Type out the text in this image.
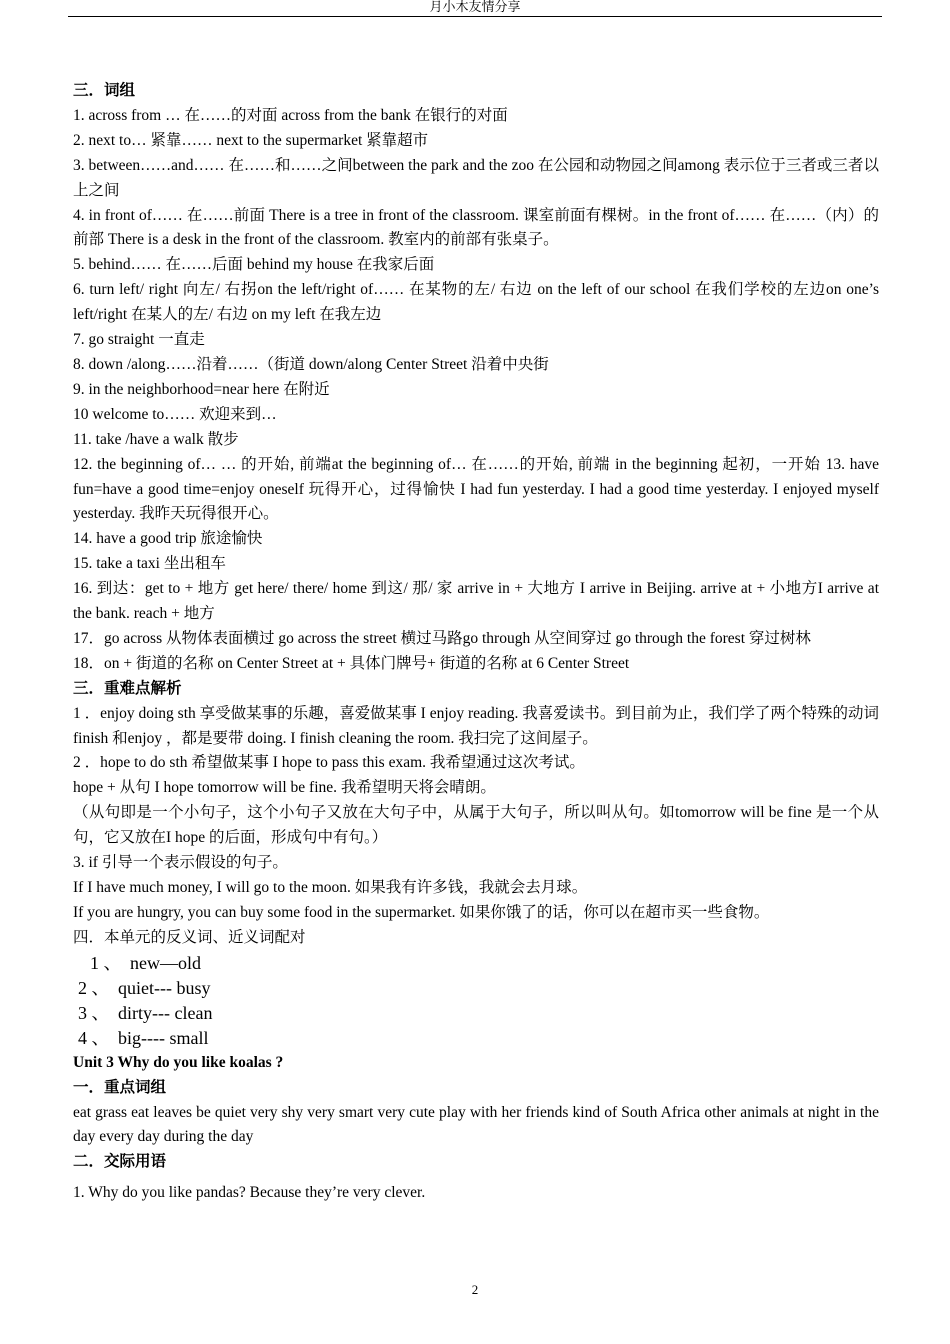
月小木友情分享

三．词组

1. across from … 在……的对面 across from the bank 在银行的对面

2. next to… 紧靠…… next to the supermarket 紧靠超市

3. between……and…… 在……和……之间between the park and the zoo 在公园和动物园之间among 表示位于三者或三者以上之间

4. in front of…… 在……前面 There is a tree in front of the classroom. 课室前面有棵树。in the front of…… 在……（内）的前部 There is a desk in the front of the classroom. 教室内的前部有张桌子。

5. behind…… 在……后面 behind my house 在我家后面

6. turn left/ right 向左/ 右拐on the left/right of…… 在某物的左/ 右边 on the left of our school 在我们学校的左边on one’s left/right 在某人的左/ 右边 on my left 在我左边

7. go straight 一直走

8. down /along……沿着……（街道 down/along Center Street 沿着中央街

9. in the neighborhood=near here 在附近

10 welcome to…… 欢迎来到…

11. take /have a walk 散步

12. the beginning of… … 的开始, 前端at the beginning of… 在……的开始, 前端 in the beginning 起初，一开始 13. have fun=have a good time=enjoy oneself 玩得开心，过得愉快 I had fun yesterday. I had a good time yesterday. I enjoyed myself yesterday. 我昨天玩得很开心。

14. have a good trip 旅途愉快

15. take a taxi 坐出租车

16. 到达：get to + 地方 get here/ there/ home 到这/ 那/ 家 arrive in + 大地方 I arrive in Beijing. arrive at + 小地方I arrive at the bank. reach + 地方

17．go across 从物体表面横过 go across the street 横过马路go through 从空间穿过 go through the forest 穿过树林

18．on + 街道的名称 on Center Street at + 具体门牌号+ 街道的名称 at 6 Center Street

三．重难点解析

1 ．enjoy doing sth 享受做某事的乐趣，喜爱做某事 I enjoy reading. 我喜爱读书。到目前为止，我们学了两个特殊的动词finish 和enjoy ，都是要带 doing. I finish cleaning the room. 我扫完了这间屋子。

2 ．hope to do sth 希望做某事 I hope to pass this exam. 我希望通过这次考试。

hope + 从句 I hope tomorrow will be fine. 我希望明天将会晴朗。

（从句即是一个小句子，这个小句子又放在大句子中，从属于大句子，所以叫从句。如tomorrow will be fine 是一个从句，它又放在I hope 的后面，形成句中有句。）

3. if 引导一个表示假设的句子。

If I have much money, I will go to the moon. 如果我有许多钱，我就会去月球。

If you are hungry, you can buy some food in the supermarket. 如果你饿了的话，你可以在超市买一些食物。

四．本单元的反义词、近义词配对

1 、 new—old

2 、 quiet--- busy

3 、 dirty--- clean

4 、 big---- small

Unit 3 Why do you like koalas ?

一．重点词组

eat grass eat leaves be quiet very shy very smart very cute play with her friends kind of South Africa other animals at night in the day every day during the day

二．交际用语

1. Why do you like pandas? Because they’re very clever.

2
